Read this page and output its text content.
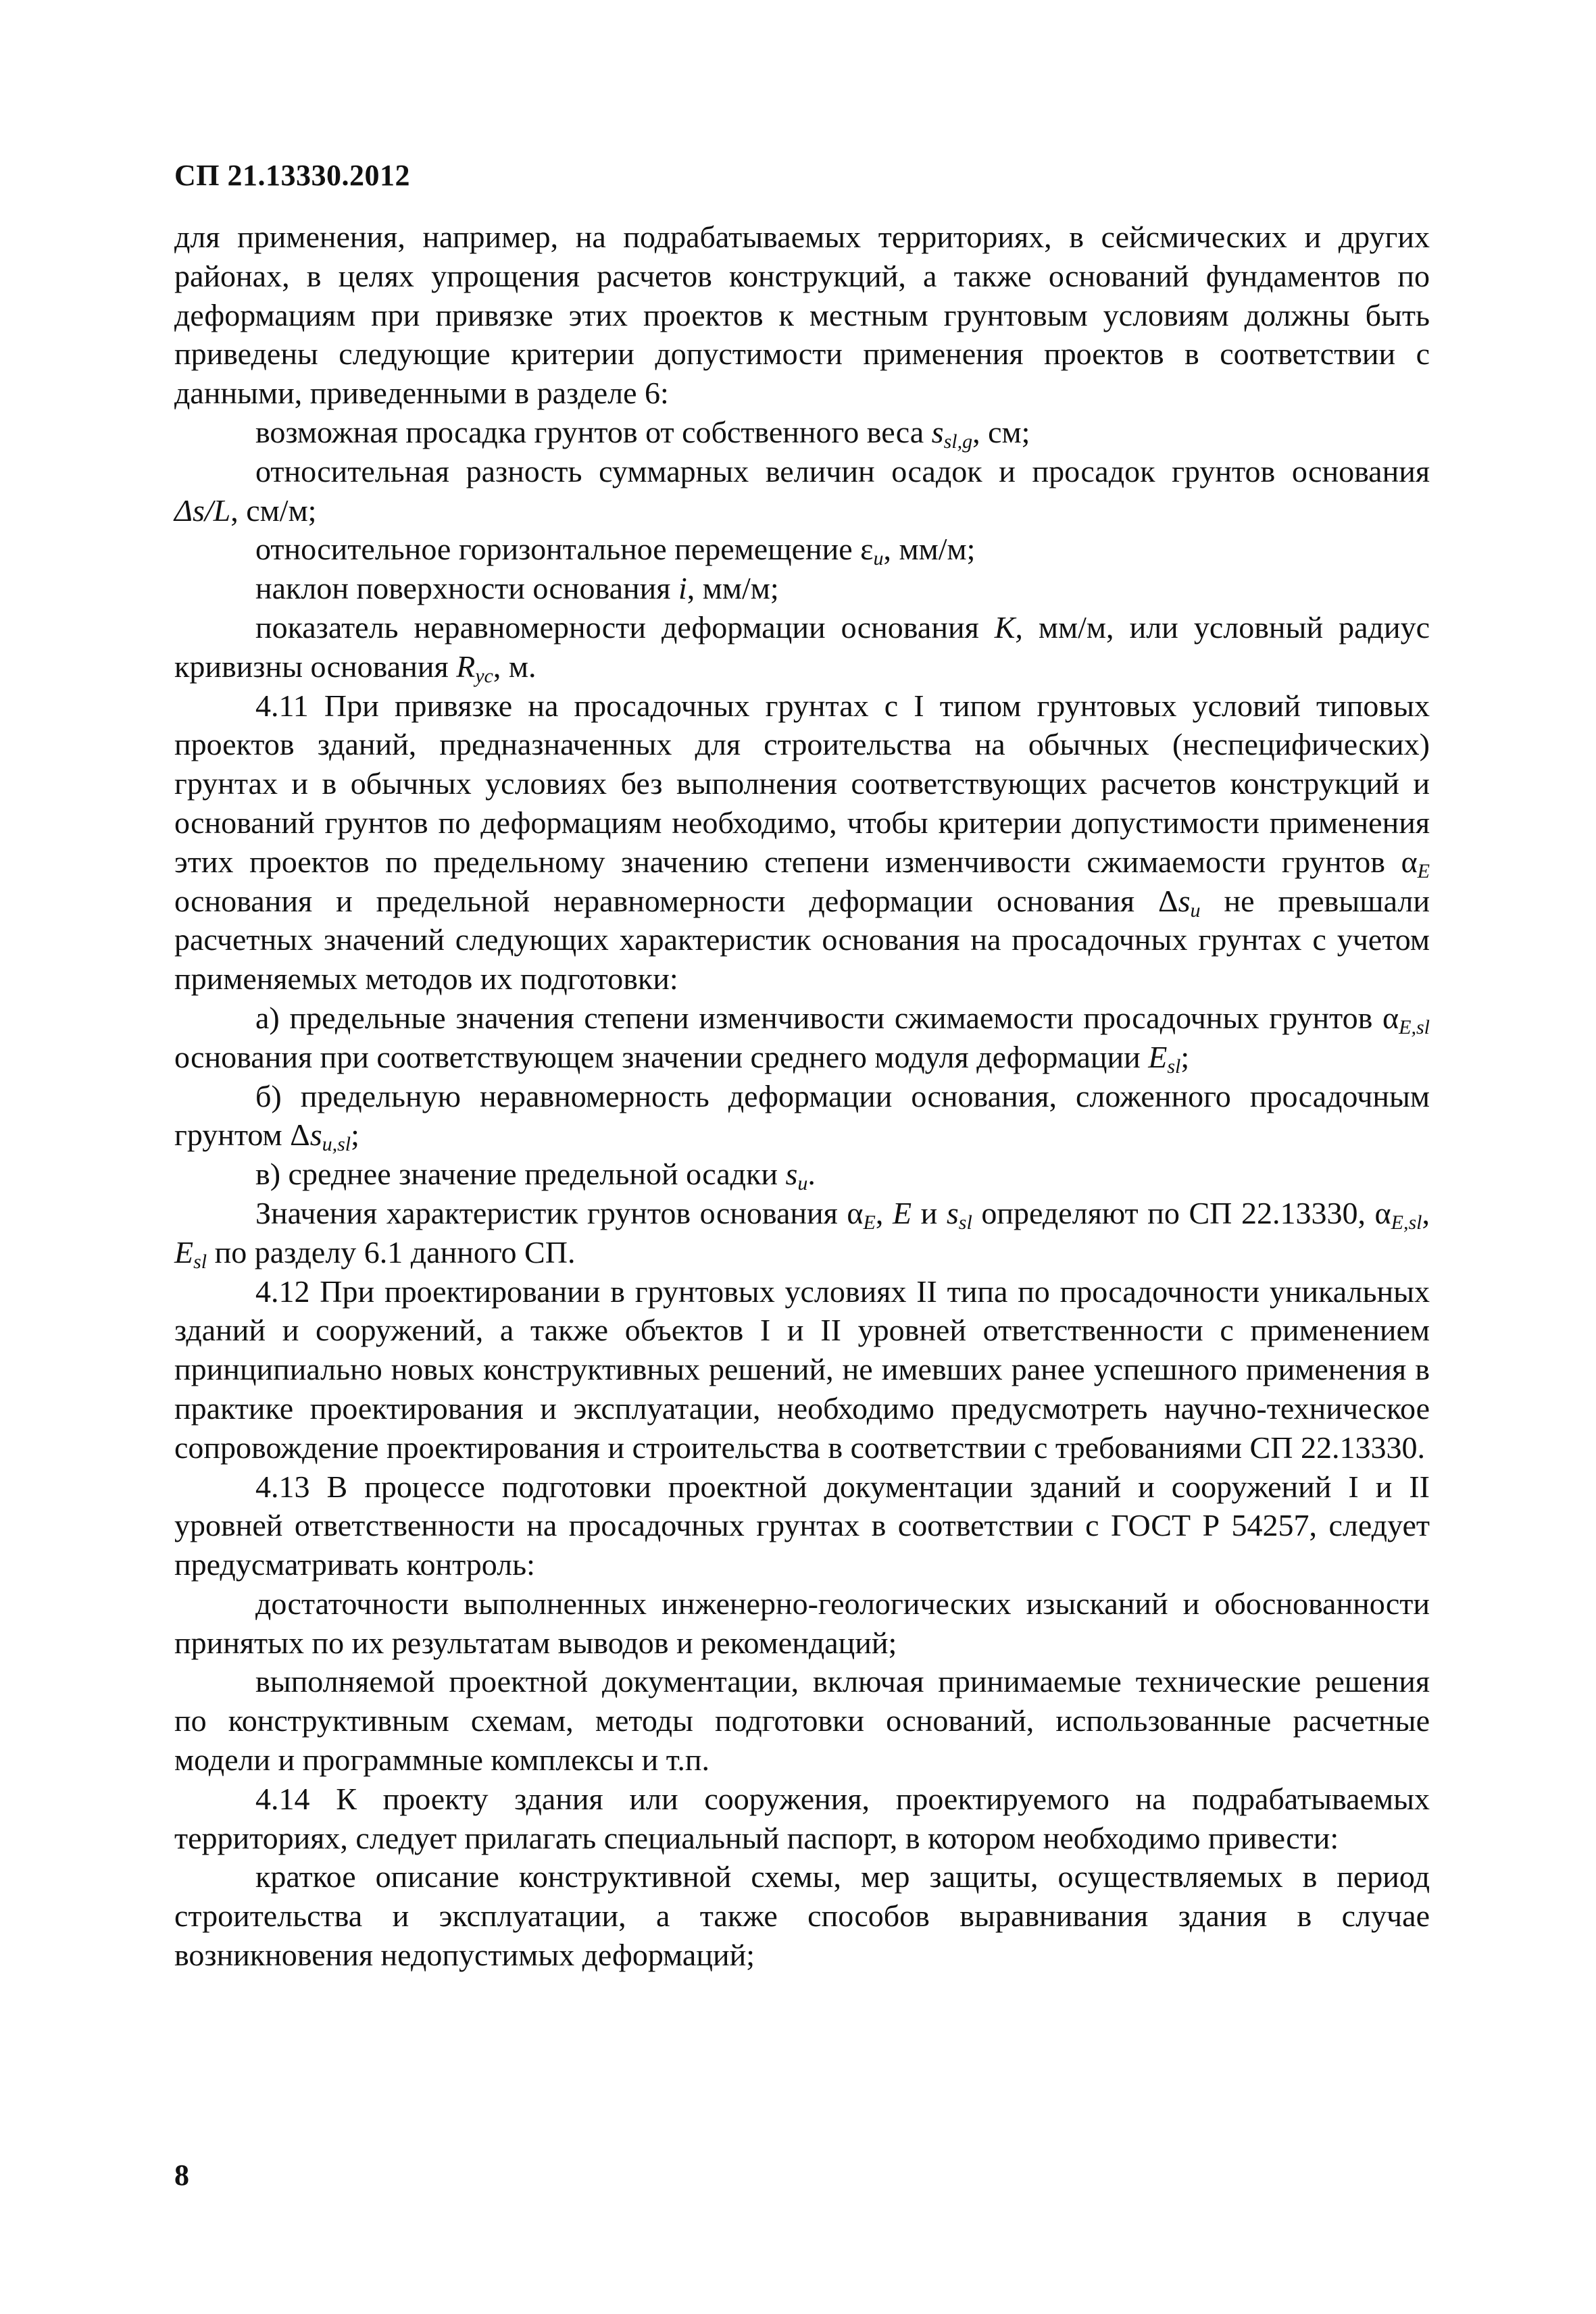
СП 21.13330.2012

для применения, например, на подрабатываемых территориях, в сейсмических и других районах, в целях упрощения расчетов конструкций, а также оснований фундаментов по деформациям при привязке этих проектов к местным грунтовым условиям должны быть приведены следующие критерии допустимости применения проектов в соответствии с данными, приведенными в разделе 6:

возможная просадка грунтов от собственного веса $s_{sl,g}$, см;

относительная разность суммарных величин осадок и просадок грунтов основания Δs/L, см/м;

относительное горизонтальное перемещение $\varepsilon_u$, мм/м;

наклон поверхности основания i, мм/м;

показатель неравномерности деформации основания К, мм/м, или условный радиус кривизны основания $R_{ус}$, м.

4.11 При привязке на просадочных грунтах с I типом грунтовых условий типовых проектов зданий, предназначенных для строительства на обычных (неспецифических) грунтах и в обычных условиях без выполнения соответствующих расчетов конструкций и оснований грунтов по деформациям необходимо, чтобы критерии допустимости применения этих проектов по предельному значению степени изменчивости сжимаемости грунтов $\alpha_E$ основания и предельной неравномерности деформации основания $\Delta s_u$ не превышали расчетных значений следующих характеристик основания на просадочных грунтах с учетом применяемых методов их подготовки:

а) предельные значения степени изменчивости сжимаемости просадочных грунтов $\alpha_{E,sl}$ основания при соответствующем значении среднего модуля деформации $E_{sl}$;

б) предельную неравномерность деформации основания, сложенного просадочным грунтом $\Delta s_{u,sl}$;

в) среднее значение предельной осадки $s_u$.

Значения характеристик грунтов основания $\alpha_E$, E и $s_{sl}$ определяют по СП 22.13330, $\alpha_{E,sl}$, $E_{sl}$ по разделу 6.1 данного СП.

4.12 При проектировании в грунтовых условиях II типа по просадочности уникальных зданий и сооружений, а также объектов I и II уровней ответственности с применением принципиально новых конструктивных решений, не имевших ранее успешного применения в практике проектирования и эксплуатации, необходимо предусмотреть научно-техническое сопровождение проектирования и строительства в соответствии с требованиями СП 22.13330.

4.13 В процессе подготовки проектной документации зданий и сооружений I и II уровней ответственности на просадочных грунтах в соответствии с ГОСТ Р 54257, следует предусматривать контроль:

достаточности выполненных инженерно-геологических изысканий и обоснованности принятых по их результатам выводов и рекомендаций;

выполняемой проектной документации, включая принимаемые технические решения по конструктивным схемам, методы подготовки оснований, использованные расчетные модели и программные комплексы и т.п.

4.14 К проекту здания или сооружения, проектируемого на подрабатываемых территориях, следует прилагать специальный паспорт, в котором необходимо привести:

краткое описание конструктивной схемы, мер защиты, осуществляемых в период строительства и эксплуатации, а также способов выравнивания здания в случае возникновения недопустимых деформаций;

8
